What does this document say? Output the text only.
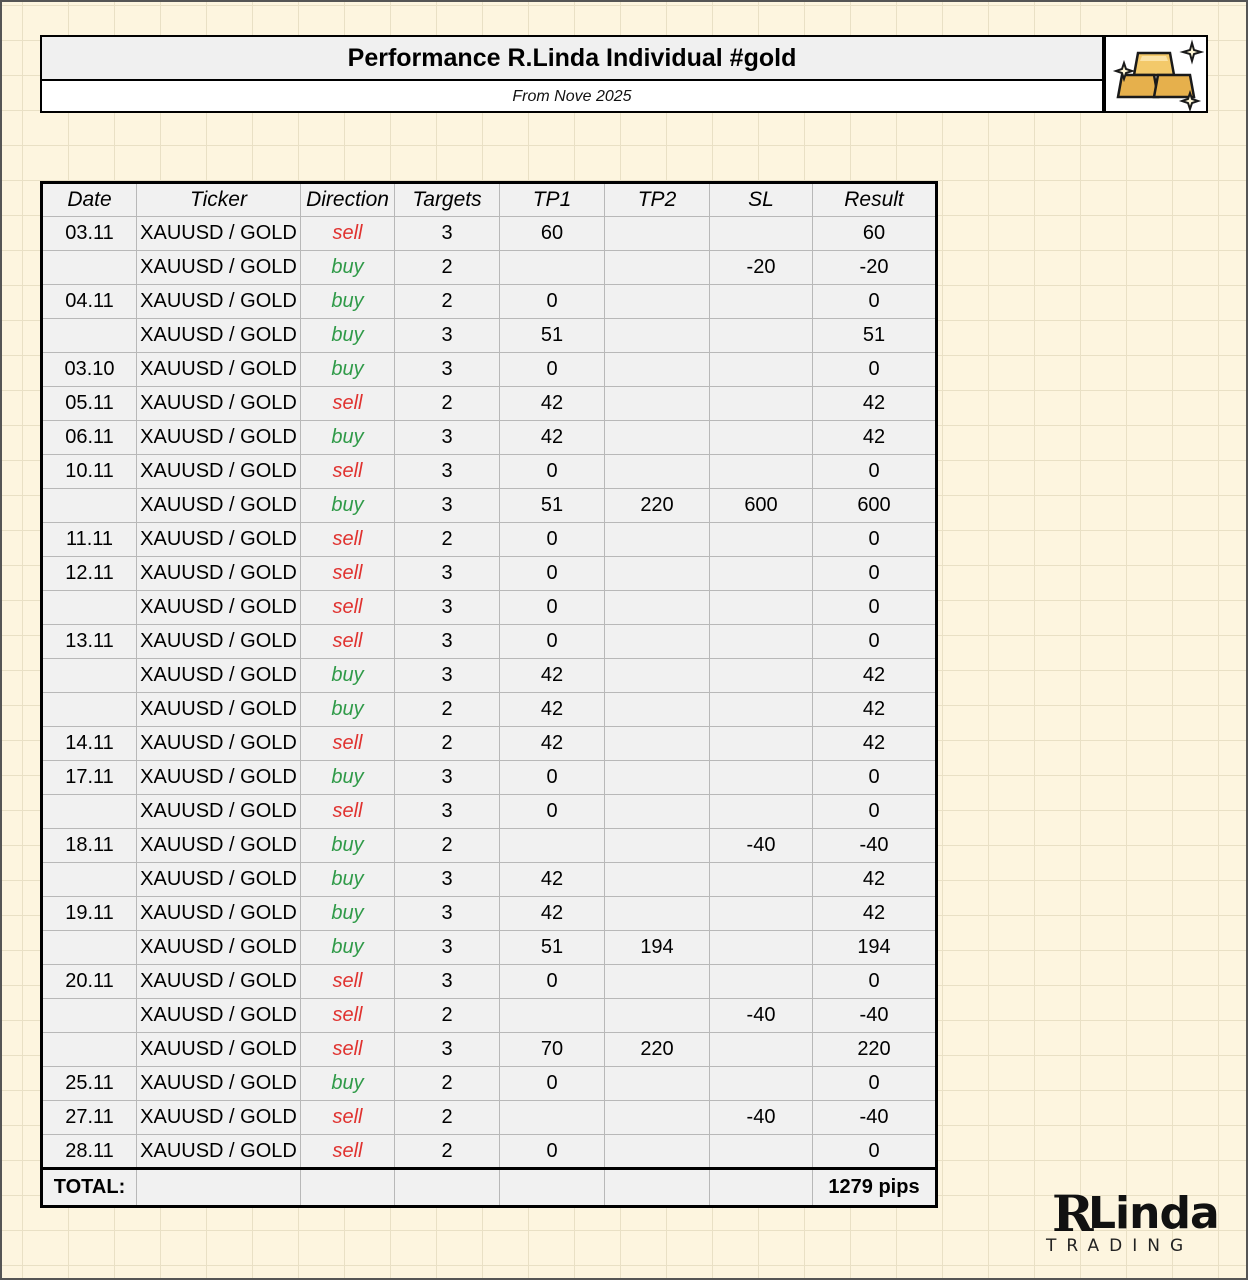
Performance R.Linda Individual #gold
From Nove 2025
Date	Ticker	Direction	Targets	TP1	TP2	SL	Result
03.11	XAUUSD / GOLD	sell	3	60			60
	XAUUSD / GOLD	buy	2			-20	-20
04.11	XAUUSD / GOLD	buy	2	0			0
	XAUUSD / GOLD	buy	3	51			51
03.10	XAUUSD / GOLD	buy	3	0			0
05.11	XAUUSD / GOLD	sell	2	42			42
06.11	XAUUSD / GOLD	buy	3	42			42
10.11	XAUUSD / GOLD	sell	3	0			0
	XAUUSD / GOLD	buy	3	51	220	600	600
11.11	XAUUSD / GOLD	sell	2	0			0
12.11	XAUUSD / GOLD	sell	3	0			0
	XAUUSD / GOLD	sell	3	0			0
13.11	XAUUSD / GOLD	sell	3	0			0
	XAUUSD / GOLD	buy	3	42			42
	XAUUSD / GOLD	buy	2	42			42
14.11	XAUUSD / GOLD	sell	2	42			42
17.11	XAUUSD / GOLD	buy	3	0			0
	XAUUSD / GOLD	sell	3	0			0
18.11	XAUUSD / GOLD	buy	2			-40	-40
	XAUUSD / GOLD	buy	3	42			42
19.11	XAUUSD / GOLD	buy	3	42			42
	XAUUSD / GOLD	buy	3	51	194		194
20.11	XAUUSD / GOLD	sell	3	0			0
	XAUUSD / GOLD	sell	2			-40	-40
	XAUUSD / GOLD	sell	3	70	220		220
25.11	XAUUSD / GOLD	buy	2	0			0
27.11	XAUUSD / GOLD	sell	2			-40	-40
28.11	XAUUSD / GOLD	sell	2	0			0
TOTAL:							1279 pips	R
Linda
TRADING
